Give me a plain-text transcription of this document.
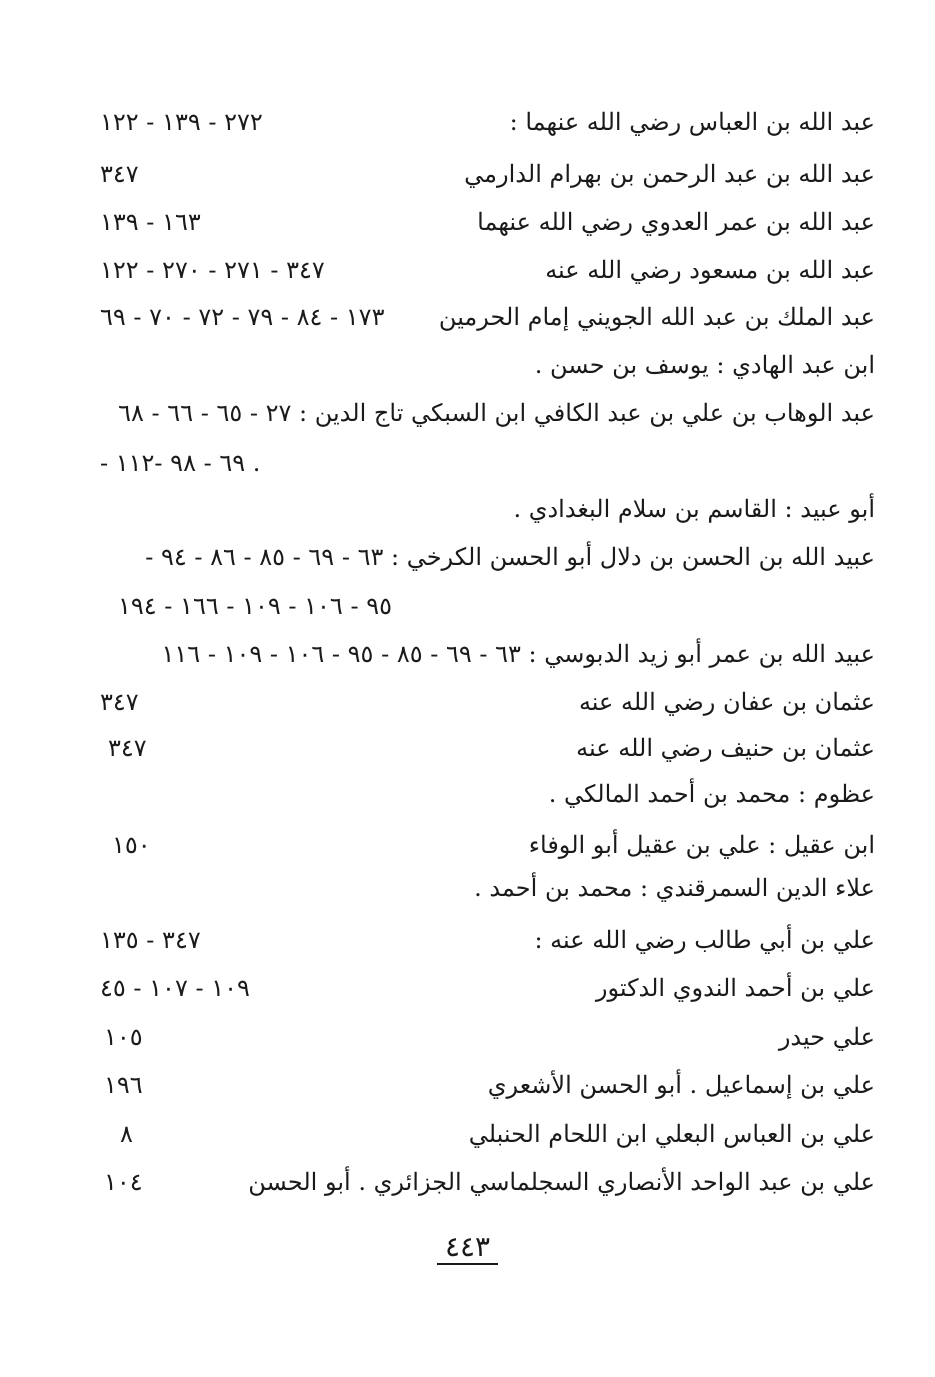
عبد الله بن العباس رضي الله عنهما :
٢٧٢ - ١٣٩ - ١٢٢
عبد الله بن عبد الرحمن بن بهرام الدارمي
٣٤٧
عبد الله بن عمر العدوي رضي الله عنهما
١٦٣ - ١٣٩
عبد الله بن مسعود رضي الله عنه
٣٤٧ - ٢٧١ - ٢٧٠ - ١٢٢
عبد الملك بن عبد الله الجويني إمام الحرمين
١٧٣ - ٨٤ - ٧٩ - ٧٢ - ٧٠ - ٦٩
ابن عبد الهادي : يوسف بن حسن .
عبد الوهاب بن علي بن عبد الكافي ابن السبكي تاج الدين : ٢٧ - ٦٥ - ٦٦ - ٦٨
- ٦٩ - ٩٨ -١١٢ .
أبو عبيد : القاسم بن سلام البغدادي .
عبيد الله بن الحسن بن دلال أبو الحسن الكرخي : ٦٣ - ٦٩ - ٨٥ - ٨٦ - ٩٤ -
٩٥ - ١٠٦ - ١٠٩ - ١٦٦ - ١٩٤
عبيد الله بن عمر أبو زيد الدبوسي : ٦٣ - ٦٩ - ٨٥ - ٩٥ - ١٠٦ - ١٠٩ - ١١٦
عثمان بن عفان رضي الله عنه
٣٤٧
عثمان بن حنيف رضي الله عنه
٣٤٧
عظوم : محمد بن أحمد المالكي .
ابن عقيل : علي بن عقيل أبو الوفاء
١٥٠
علاء الدين السمرقندي : محمد بن أحمد .
علي بن أبي طالب رضي الله عنه :
٣٤٧ - ١٣٥
علي بن أحمد الندوي الدكتور
١٠٩ - ١٠٧ - ٤٥
علي حيدر
١٠٥
علي بن إسماعيل . أبو الحسن الأشعري
١٩٦
علي بن العباس البعلي ابن اللحام الحنبلي
٨
علي بن عبد الواحد الأنصاري السجلماسي الجزائري . أبو الحسن
١٠٤
٤٤٣
